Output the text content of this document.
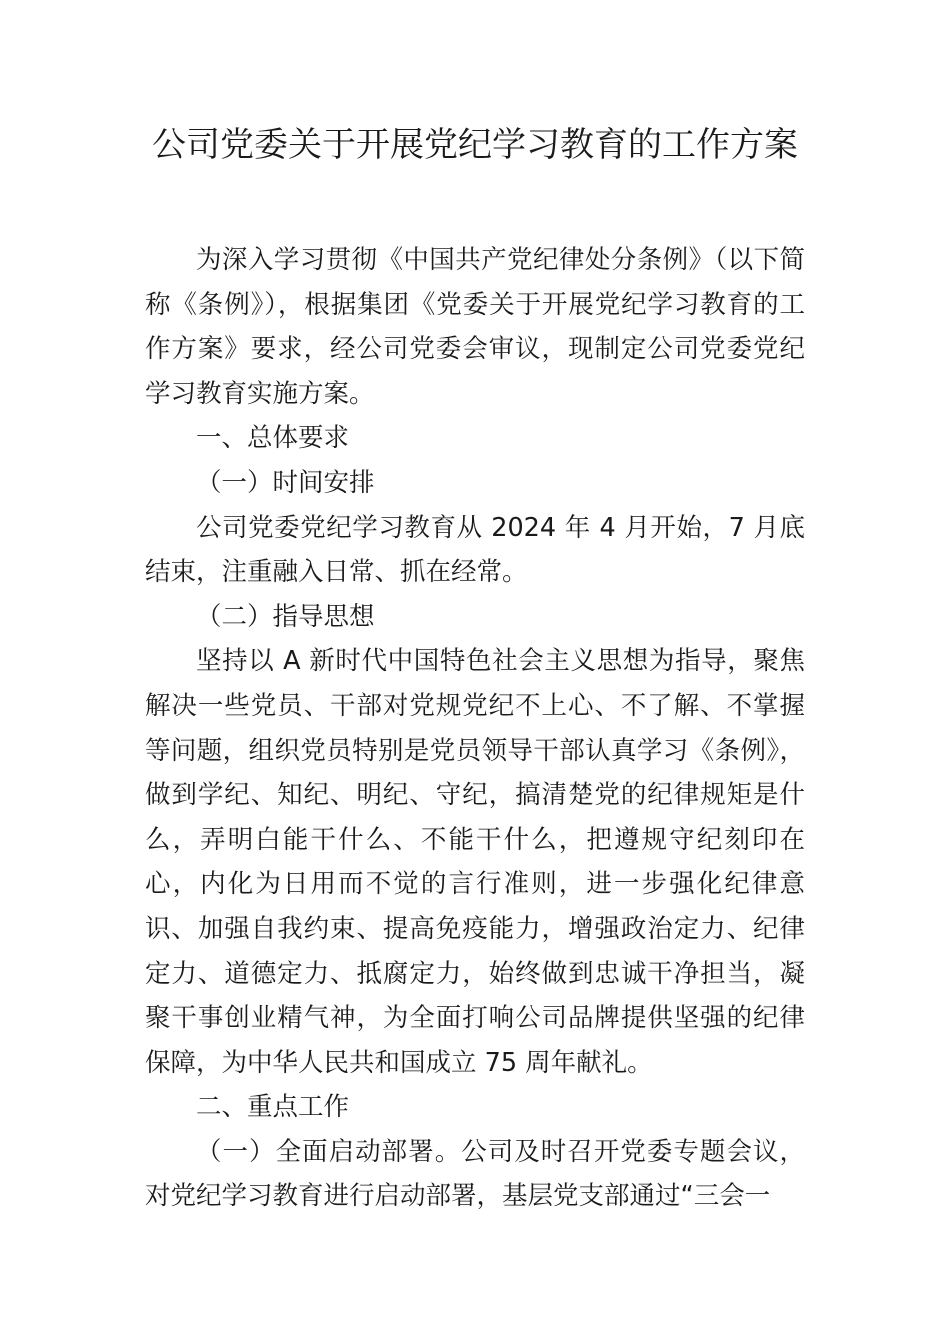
公司党委关于开展党纪学习教育的工作方案

为深入学习贯彻《中国共产党纪律处分条例》（以下简称《条例》），根据集团《党委关于开展党纪学习教育的工作方案》要求，经公司党委会审议，现制定公司党委党纪学习教育实施方案。

一、总体要求

（一）时间安排

公司党委党纪学习教育从 2024 年 4 月开始，7 月底结束，注重融入日常、抓在经常。

（二）指导思想

坚持以 A 新时代中国特色社会主义思想为指导，聚焦解决一些党员、干部对党规党纪不上心、不了解、不掌握等问题，组织党员特别是党员领导干部认真学习《条例》，做到学纪、知纪、明纪、守纪，搞清楚党的纪律规矩是什么，弄明白能干什么、不能干什么，把遵规守纪刻印在心，内化为日用而不觉的言行准则，进一步强化纪律意识、加强自我约束、提高免疫能力，增强政治定力、纪律定力、道德定力、抵腐定力，始终做到忠诚干净担当，凝聚干事创业精气神，为全面打响公司品牌提供坚强的纪律保障，为中华人民共和国成立 75 周年献礼。

二、重点工作

（一）全面启动部署。公司及时召开党委专题会议，对党纪学习教育进行启动部署，基层党支部通过“三会一
